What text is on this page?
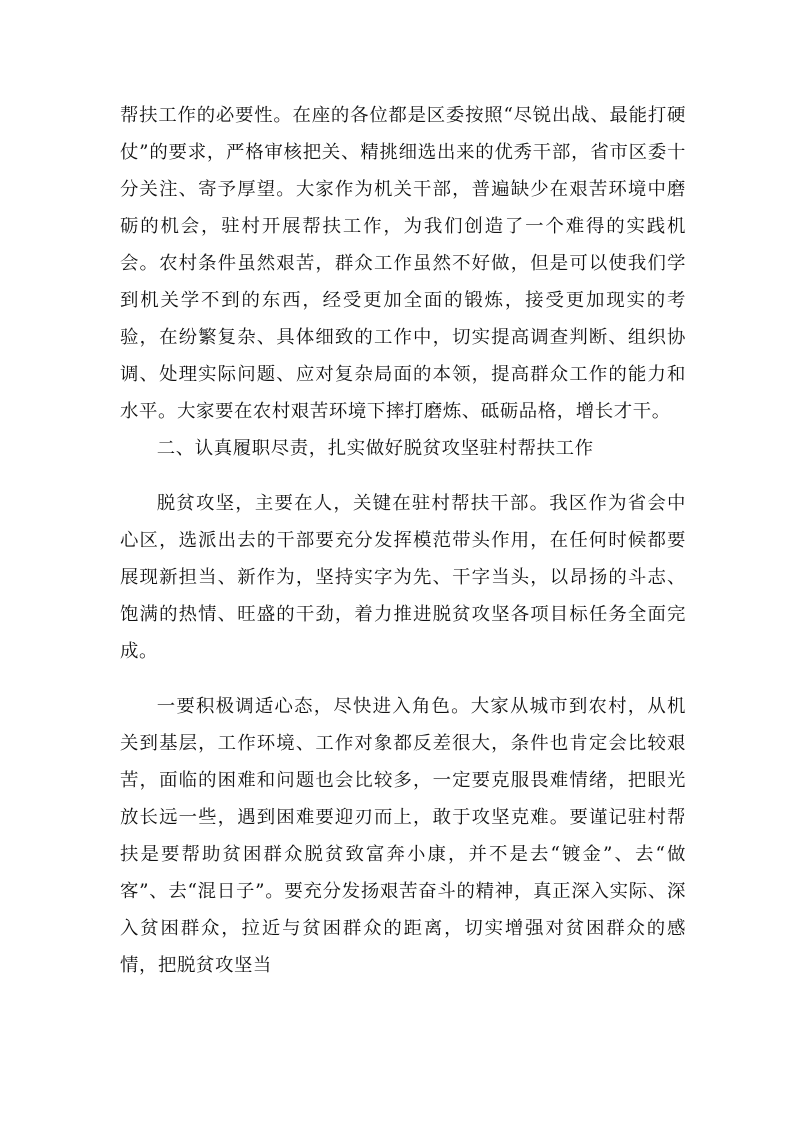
帮扶工作的必要性。在座的各位都是区委按照“尽锐出战、最能打硬仗”的要求，严格审核把关、精挑细选出来的优秀干部，省市区委十分关注、寄予厚望。大家作为机关干部，普遍缺少在艰苦环境中磨砺的机会，驻村开展帮扶工作，为我们创造了一个难得的实践机会。农村条件虽然艰苦，群众工作虽然不好做，但是可以使我们学到机关学不到的东西，经受更加全面的锻炼，接受更加现实的考验，在纷繁复杂、具体细致的工作中，切实提高调查判断、组织协调、处理实际问题、应对复杂局面的本领，提高群众工作的能力和水平。大家要在农村艰苦环境下摔打磨炼、砥砺品格，增长才干。

二、认真履职尽责，扎实做好脱贫攻坚驻村帮扶工作

脱贫攻坚，主要在人，关键在驻村帮扶干部。我区作为省会中心区，选派出去的干部要充分发挥模范带头作用，在任何时候都要展现新担当、新作为，坚持实字为先、干字当头，以昂扬的斗志、饱满的热情、旺盛的干劲，着力推进脱贫攻坚各项目标任务全面完成。

一要积极调适心态，尽快进入角色。大家从城市到农村，从机关到基层，工作环境、工作对象都反差很大，条件也肯定会比较艰苦，面临的困难和问题也会比较多，一定要克服畏难情绪，把眼光放长远一些，遇到困难要迎刃而上，敢于攻坚克难。要谨记驻村帮扶是要帮助贫困群众脱贫致富奔小康，并不是去“镀金”、去“做客”、去“混日子”。要充分发扬艰苦奋斗的精神，真正深入实际、深入贫困群众，拉近与贫困群众的距离，切实增强对贫困群众的感情，把脱贫攻坚当
